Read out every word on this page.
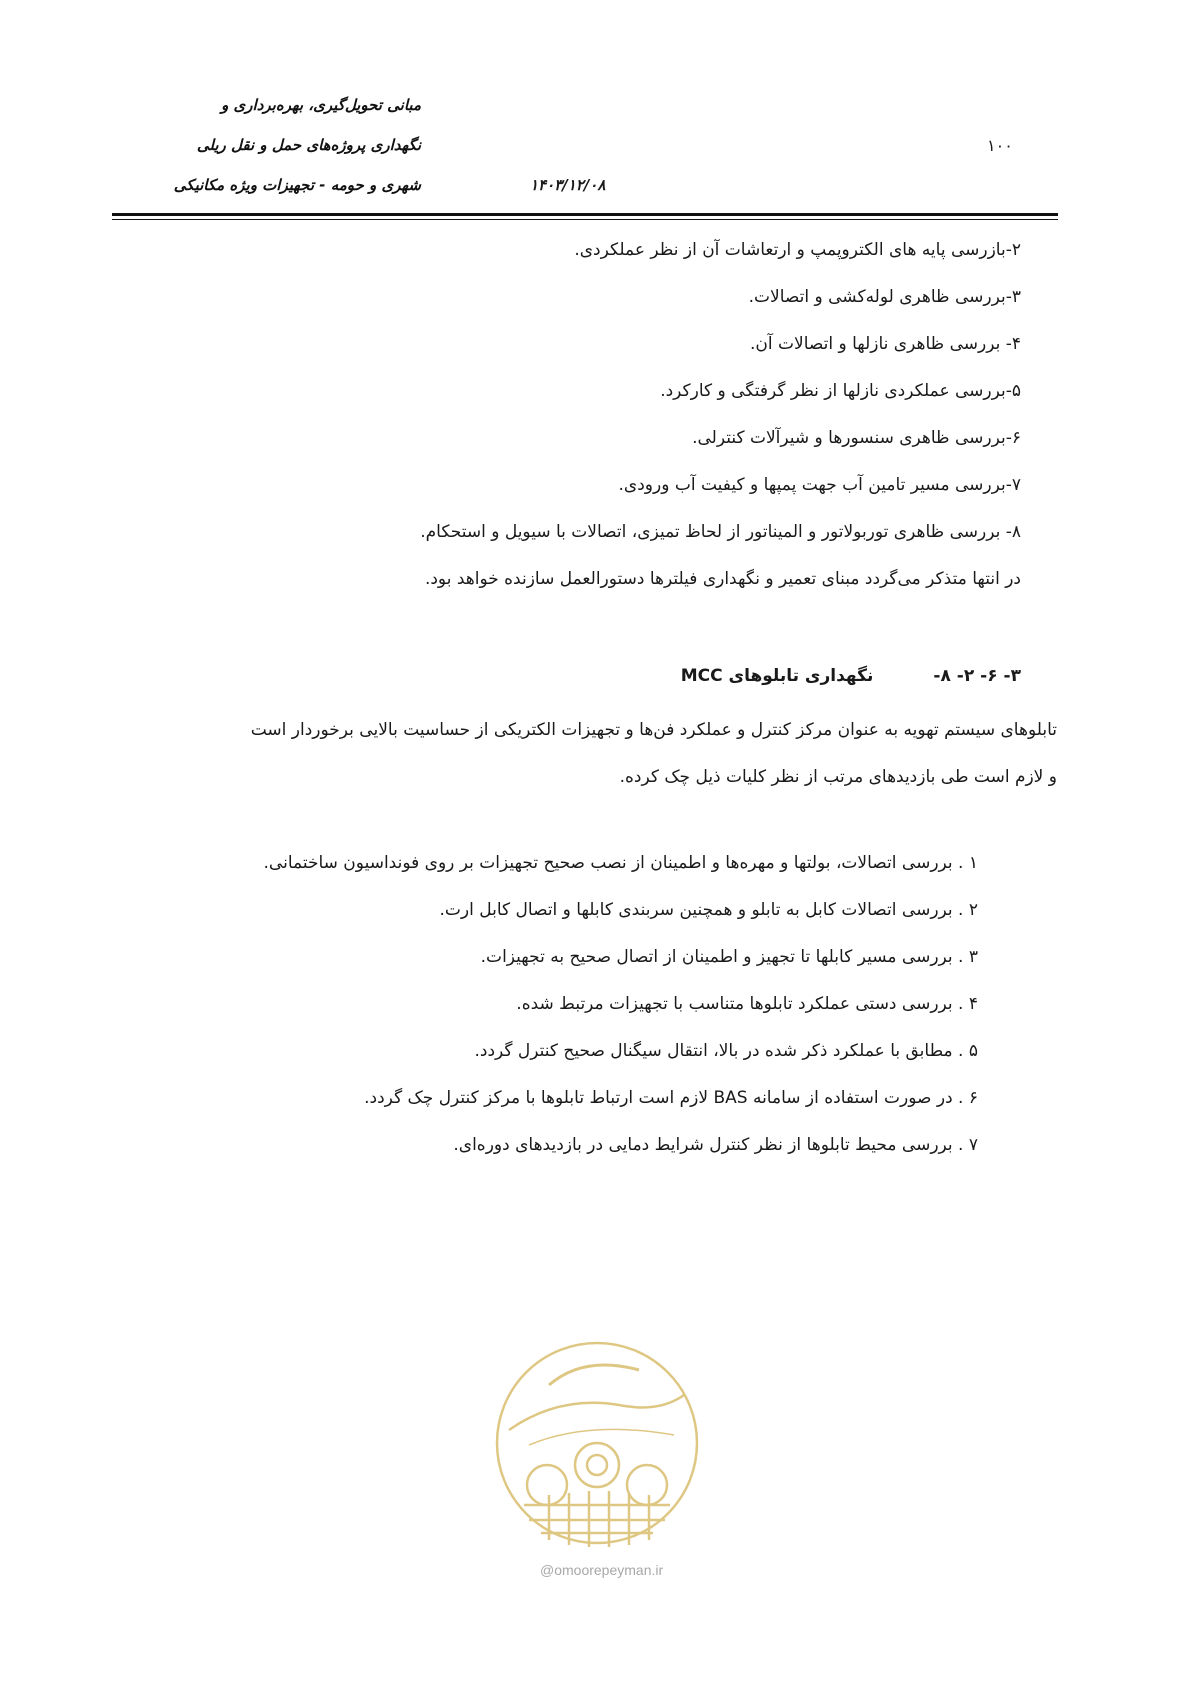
مبانی تحویل‌گیری، بهره‌برداری و
نگهداری پروژه‌های حمل و نقل ریلی
شهری و حومه - تجهیزات ویژه مکانیکی	۱۴۰۳/۱۲/۰۸
۱۰۰
۲-بازرسی پایه های الکتروپمپ و ارتعاشات آن از نظر عملکردی.
۳-بررسی ظاهری لوله‌کشی و اتصالات.
۴- بررسی ظاهری نازلها و اتصالات آن.
۵-بررسی عملکردی نازلها از نظر گرفتگی و کارکرد.
۶-بررسی ظاهری سنسورها و شیرآلات کنترلی.
۷-بررسی مسیر تامین آب جهت پمپها و کیفیت آب ورودی.
۸- بررسی ظاهری توربولاتور و المیناتور از لحاظ تمیزی، اتصالات با سیویل و استحکام.
در انتها متذکر می‌گردد مبنای تعمیر و نگهداری فیلترها دستورالعمل سازنده خواهد بود.
۳- ۶- ۲- ۸-نگهداری تابلوهای MCC
تابلوهای سیستم تهویه به عنوان مرکز کنترل و عملکرد فن‌ها و تجهیزات الکتریکی از حساسیت بالایی برخوردار است
و لازم است طی بازدیدهای مرتب از نظر کلیات ذیل چک کرده.
۱ . بررسی اتصالات، بولتها و مهره‌ها و اطمینان از نصب صحیح تجهیزات بر روی فونداسیون ساختمانی.
۲ . بررسی اتصالات کابل به تابلو و همچنین سربندی کابلها و اتصال کابل ارت.
۳ . بررسی مسیر کابلها تا تجهیز و اطمینان از اتصال صحیح به تجهیزات.
۴ . بررسی دستی عملکرد تابلوها متناسب با تجهیزات مرتبط شده.
۵ . مطابق با عملکرد ذکر شده در بالا، انتقال سیگنال صحیح کنترل گردد.
۶ . در صورت استفاده از سامانه BAS لازم است ارتباط تابلوها با مرکز کنترل چک گردد.
۷ . بررسی محیط تابلوها از نظر کنترل شرایط دمایی در بازدیدهای دوره‌ای.
@omoorepeyman.ir
